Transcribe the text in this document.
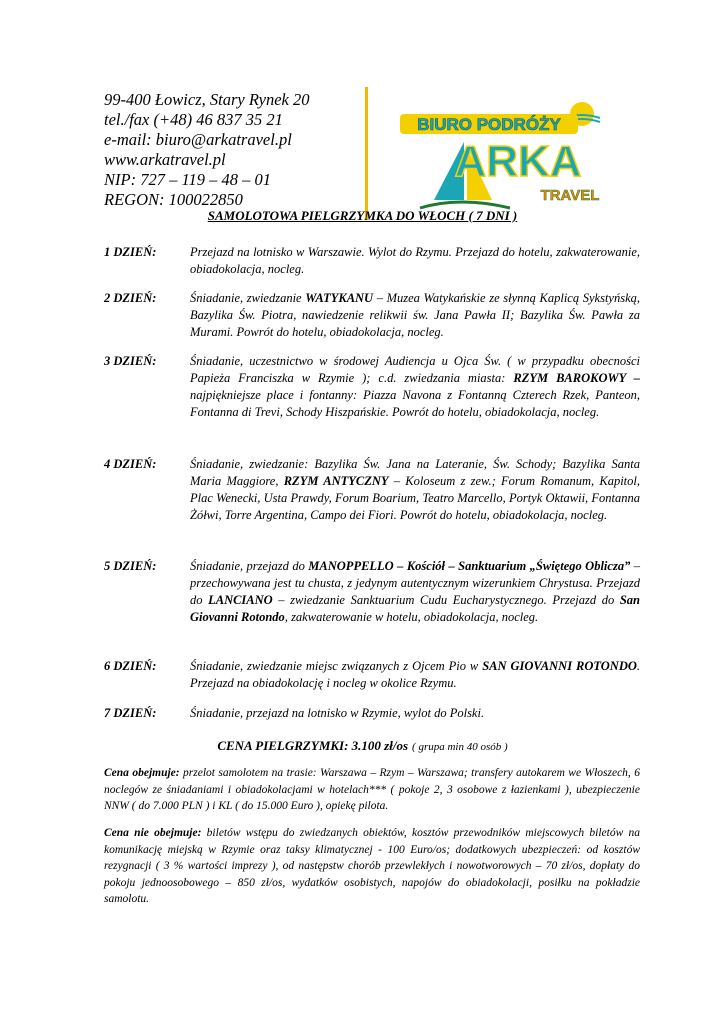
99-400 Łowicz, Stary Rynek 20
tel./fax (+48) 46 837 35 21
e-mail: biuro@arkatravel.pl
www.arkatravel.pl
NIP: 727 – 119 – 48 – 01
REGON: 100022850
BIURO PODRÓŻY
ARKA
TRAVEL
SAMOLOTOWA PIELGRZYMKA DO WŁOCH ( 7 DNI )
1 DZIEŃ:	Przejazd na lotnisko w Warszawie. Wylot do Rzymu. Przejazd do hotelu, zakwaterowanie, obiadokolacja, nocleg.
2 DZIEŃ:	Śniadanie, zwiedzanie WATYKANU – Muzea Watykańskie ze słynną Kaplicą Sykstyńską, Bazylika Św. Piotra, nawiedzenie relikwii św. Jana Pawła II; Bazylika Św. Pawła za Murami. Powrót do hotelu, obiadokolacja, nocleg.
3 DZIEŃ:	Śniadanie, uczestnictwo w środowej Audiencja u Ojca Św. ( w przypadku obecności Papieża Franciszka w Rzymie ); c.d. zwiedzania miasta: RZYM BAROKOWY – najpiękniejsze place i fontanny: Piazza Navona z Fontanną Czterech Rzek, Panteon, Fontanna di Trevi, Schody Hiszpańskie. Powrót do hotelu, obiadokolacja, nocleg.
4 DZIEŃ:	Śniadanie, zwiedzanie: Bazylika Św. Jana na Lateranie, Św. Schody; Bazylika Santa Maria Maggiore, RZYM ANTYCZNY – Koloseum z zew.; Forum Romanum, Kapitol, Plac Wenecki, Usta Prawdy, Forum Boarium, Teatro Marcello, Portyk Oktawii, Fontanna Żółwi, Torre Argentina, Campo dei Fiori. Powrót do hotelu, obiadokolacja, nocleg.
5 DZIEŃ:	Śniadanie, przejazd do MANOPPELLO – Kościół – Sanktuarium „Świętego Oblicza” – przechowywana jest tu chusta, z jedynym autentycznym wizerunkiem Chrystusa. Przejazd do LANCIANO – zwiedzanie Sanktuarium Cudu Eucharystycznego. Przejazd do San Giovanni Rotondo, zakwaterowanie w hotelu, obiadokolacja, nocleg.
6 DZIEŃ:	Śniadanie, zwiedzanie miejsc związanych z Ojcem Pio w SAN GIOVANNI ROTONDO. Przejazd na obiadokolację i nocleg w okolice Rzymu.
7 DZIEŃ:	Śniadanie, przejazd na lotnisko w Rzymie, wylot do Polski.
CENA PIELGRZYMKI: 3.100 zł/os ( grupa min 40 osób )
Cena obejmuje: przelot samolotem na trasie: Warszawa – Rzym – Warszawa; transfery autokarem we Włoszech, 6 noclegów ze śniadaniami i obiadokolacjami w hotelach*** ( pokoje 2, 3 osobowe z łazienkami ), ubezpieczenie NNW ( do 7.000 PLN ) i KL ( do 15.000 Euro ), opiekę pilota.
Cena nie obejmuje: biletów wstępu do zwiedzanych obiektów, kosztów przewodników miejscowych biletów na komunikację miejską w Rzymie oraz taksy klimatycznej - 100 Euro/os; dodatkowych ubezpieczeń: od kosztów rezygnacji ( 3 % wartości imprezy ), od następstw chorób przewlekłych i nowotworowych – 70 zł/os, dopłaty do pokoju jednoosobowego – 850 zł/os, wydatków osobistych, napojów do obiadokolacji, posiłku na pokładzie samolotu.
